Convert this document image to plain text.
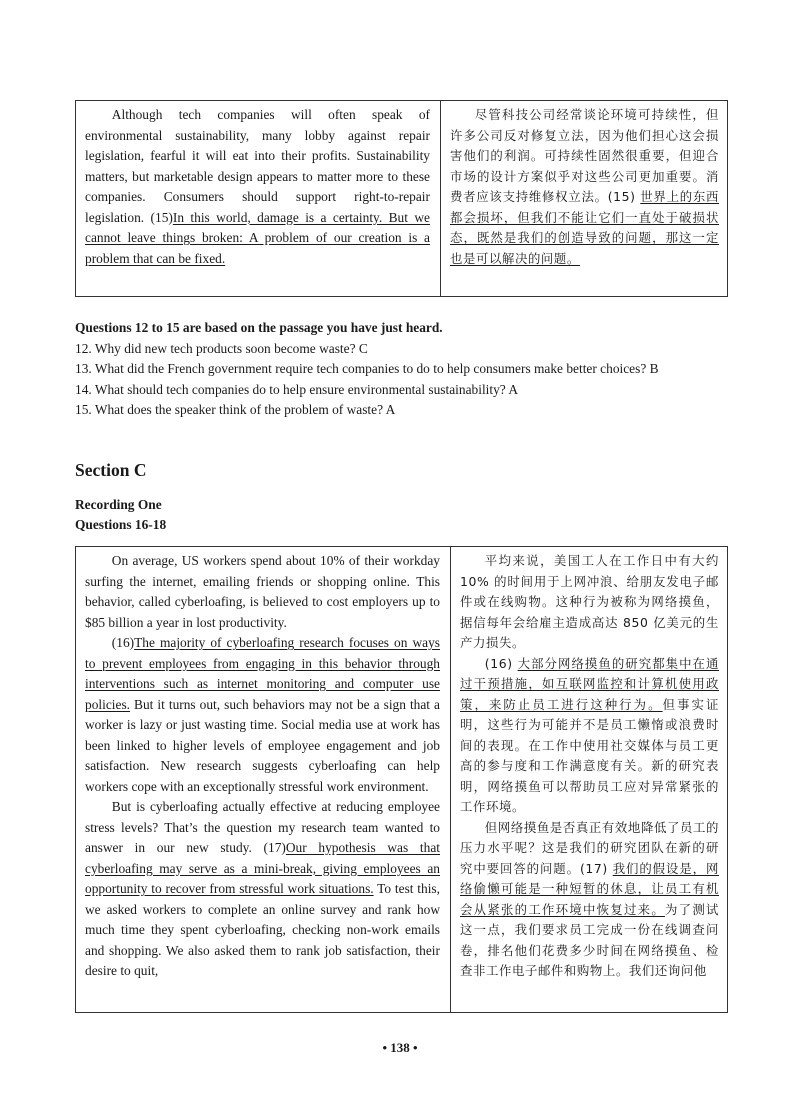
Although tech companies will often speak of environmental sustainability, many lobby against repair legislation, fearful it will eat into their profits. Sustainability matters, but marketable design appears to matter more to these companies. Consumers should support right-to-repair legislation. (15)In this world, damage is a certainty. But we cannot leave things broken: A problem of our creation is a problem that can be fixed.

尽管科技公司经常谈论环境可持续性，但许多公司反对修复立法，因为他们担心这会损害他们的利润。可持续性固然很重要，但迎合市场的设计方案似乎对这些公司更加重要。消费者应该支持维修权立法。(15) 世界上的东西都会损坏，但我们不能让它们一直处于破损状态，既然是我们的创造导致的问题，那这一定也是可以解决的问题。

Questions 12 to 15 are based on the passage you have just heard.
12. Why did new tech products soon become waste? C
13. What did the French government require tech companies to do to help consumers make better choices? B
14. What should tech companies do to help ensure environmental sustainability? A
15. What does the speaker think of the problem of waste? A
Section C
Recording One
Questions 16-18

On average, US workers spend about 10% of their workday surfing the internet, emailing friends or shopping online. This behavior, called cyberloafing, is believed to cost employers up to $85 billion a year in lost productivity.

(16)The majority of cyberloafing research focuses on ways to prevent employees from engaging in this behavior through interventions such as internet monitoring and computer use policies. But it turns out, such behaviors may not be a sign that a worker is lazy or just wasting time. Social media use at work has been linked to higher levels of employee engagement and job satisfaction. New research suggests cyberloafing can help workers cope with an exceptionally stressful work environment.

But is cyberloafing actually effective at reducing employee stress levels? That’s the question my research team wanted to answer in our new study. (17)Our hypothesis was that cyberloafing may serve as a mini-break, giving employees an opportunity to recover from stressful work situations. To test this, we asked workers to complete an online survey and rank how much time they spent cyberloafing, checking non-work emails and shopping. We also asked them to rank job satisfaction, their desire to quit,

平均来说，美国工人在工作日中有大约 10% 的时间用于上网冲浪、给朋友发电子邮件或在线购物。这种行为被称为网络摸鱼，据信每年会给雇主造成高达 850 亿美元的生产力损失。

(16) 大部分网络摸鱼的研究都集中在通过干预措施，如互联网监控和计算机使用政策，来防止员工进行这种行为。但事实证明，这些行为可能并不是员工懒惰或浪费时间的表现。在工作中使用社交媒体与员工更高的参与度和工作满意度有关。新的研究表明，网络摸鱼可以帮助员工应对异常紧张的工作环境。

但网络摸鱼是否真正有效地降低了员工的压力水平呢？这是我们的研究团队在新的研究中要回答的问题。(17) 我们的假设是，网络偷懒可能是一种短暂的休息，让员工有机会从紧张的工作环境中恢复过来。为了测试这一点，我们要求员工完成一份在线调查问卷，排名他们花费多少时间在网络摸鱼、检查非工作电子邮件和购物上。我们还询问他

• 138 •
